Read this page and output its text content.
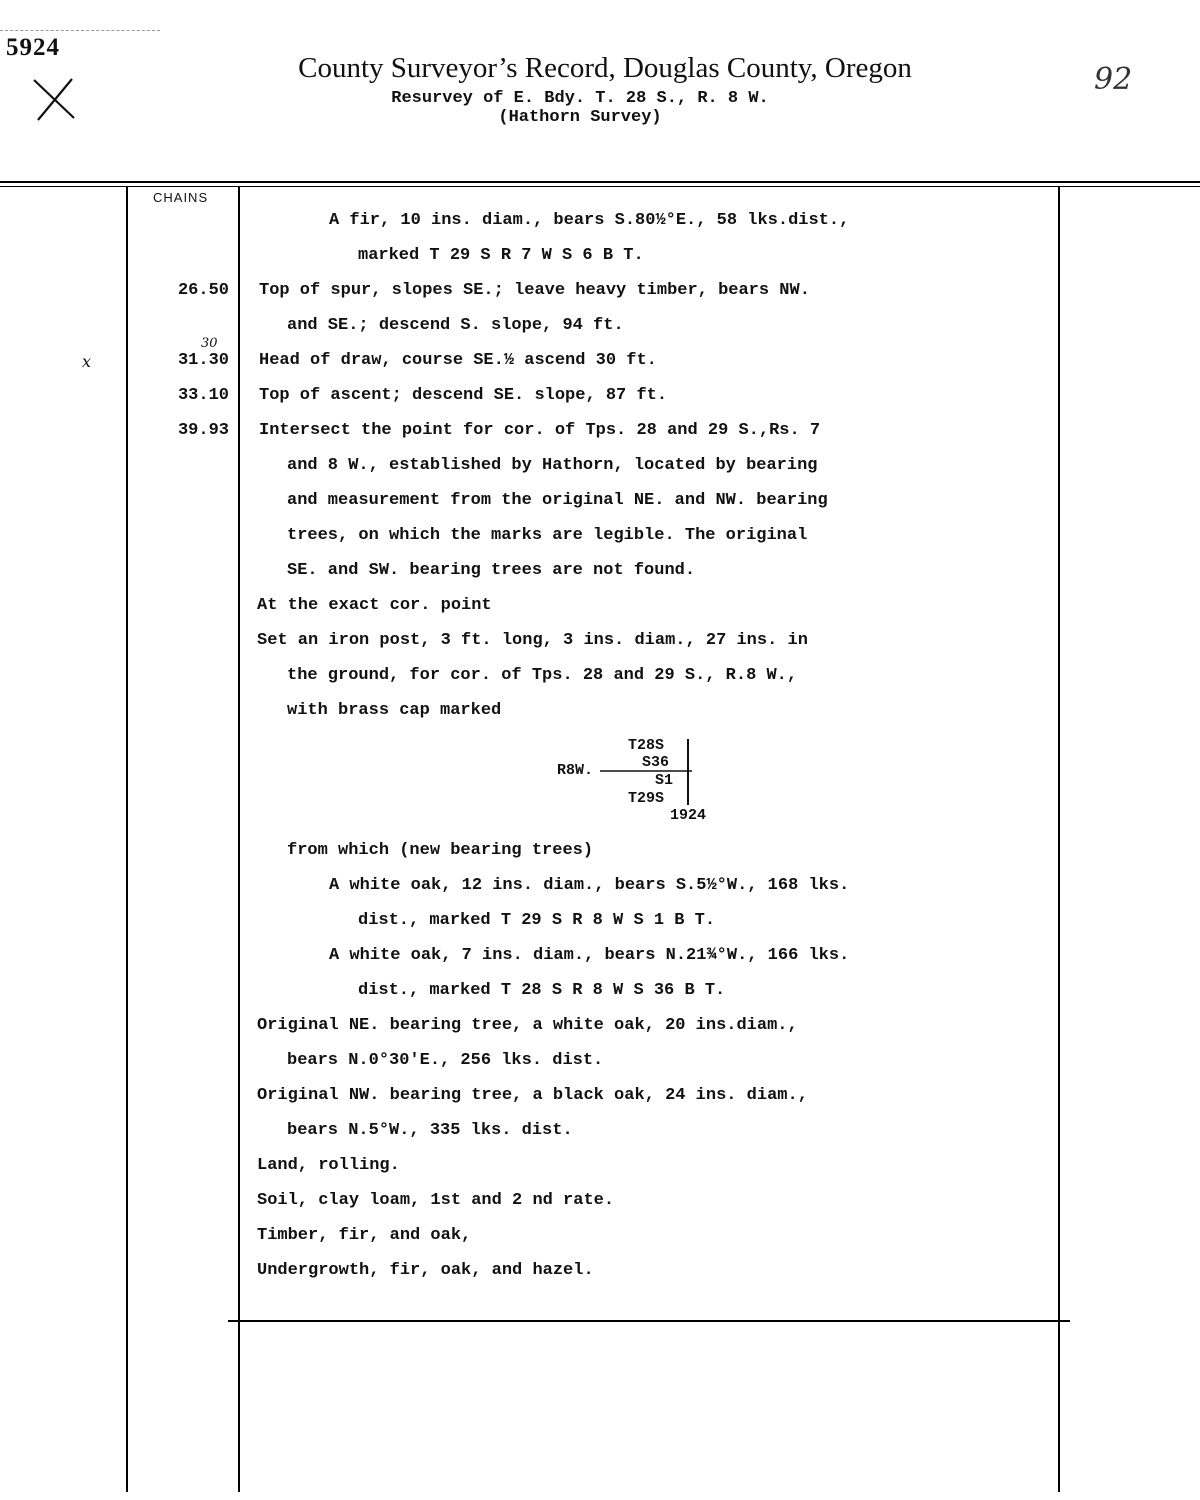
5924
92
County Surveyor’s Record, Douglas County, Oregon
Resurvey of E. Bdy. T. 28 S., R. 8 W.
(Hathorn Survey)
CHAINS
26.50
30
x	31.30
33.10
39.93
A fir, 10 ins. diam., bears S.80½°E., 58 lks.dist.,
marked T 29 S R 7 W S 6 B T.
Top of spur, slopes SE.; leave heavy timber, bears NW.
and SE.; descend S. slope, 94 ft.
Head of draw, course SE.½ ascend 30 ft.
Top of ascent; descend SE. slope, 87 ft.
Intersect the point for cor. of Tps. 28 and 29 S.,Rs. 7
and 8 W., established by Hathorn, located by bearing
and measurement from the original NE. and NW. bearing
trees, on which the marks are legible. The original
SE. and SW. bearing trees are not found.
At the exact cor. point
Set an iron post, 3 ft. long, 3 ins. diam., 27 ins. in
the ground, for cor. of Tps. 28 and 29 S., R.8 W.,
with brass cap marked
T28S
R8W.	S36
S1
T29S
1924
from which (new bearing trees)
A white oak, 12 ins. diam., bears S.5½°W., 168 lks.
dist., marked T 29 S R 8 W S 1 B T.
A white oak, 7 ins. diam., bears N.21¾°W., 166 lks.
dist., marked T 28 S R 8 W S 36 B T.
Original NE. bearing tree, a white oak, 20 ins.diam.,
bears N.0°30'E., 256 lks. dist.
Original NW. bearing tree, a black oak, 24 ins. diam.,
bears N.5°W., 335 lks. dist.
Land, rolling.
Soil, clay loam, 1st and 2 nd rate.
Timber, fir, and oak,
Undergrowth, fir, oak, and hazel.
